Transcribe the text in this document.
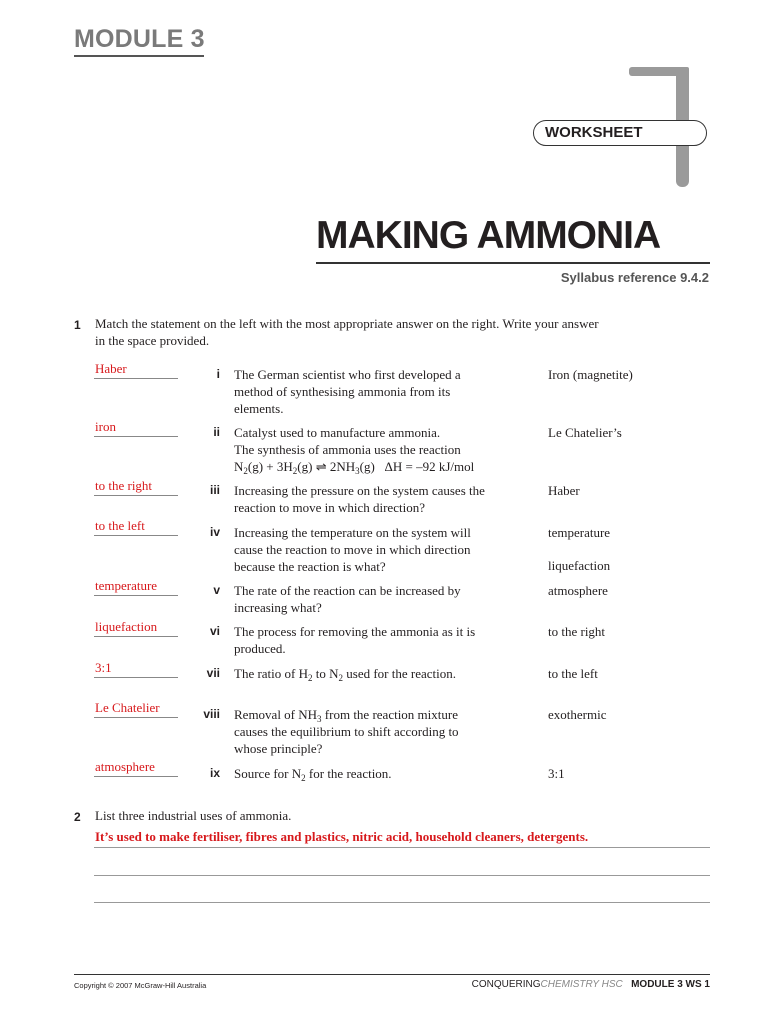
MODULE 3
WORKSHEET
MAKING AMMONIA
Syllabus reference 9.4.2
1 Match the statement on the left with the most appropriate answer on the right. Write your answer
in the space provided.
Haber
iron
to the right
to the left
temperature
liquefaction
3:1
Le Chatelier
atmosphere
i
ii
iii
iv
v
vi
vii
viii
ix
The German scientist who first developed a
method of synthesising ammonia from its
elements.
Catalyst used to manufacture ammonia.
The synthesis of ammonia uses the reaction
$N_2(g) + 3H_2(g)$ ⇌ $2NH_3(g) \Delta H = -92$ kJ/mol
Increasing the pressure on the system causes the
reaction to move in which direction?
Increasing the temperature on the system will
cause the reaction to move in which direction
because the reaction is what?
The rate of the reaction can be increased by
increasing what?
The process for removing the ammonia as it is
produced.
The ratio of $H_2$ to $N_2$ used for the reaction.
Removal of $NH_3$ from the reaction mixture
causes the equilibrium to shift according to
whose principle?
Source for $N_2$ for the reaction.
Iron (magnetite)
Le Chatelier’s
Haber
temperature
liquefaction
atmosphere
to the right
to the left
exothermic
3:1
2 List three industrial uses of ammonia.
It’s used to make fertiliser, fibres and plastics, nitric acid, household cleaners, detergents.
Copyright © 2007 McGraw-Hill Australia	CONQUERINGCHEMISTRY HSC MODULE 3 WS 1
